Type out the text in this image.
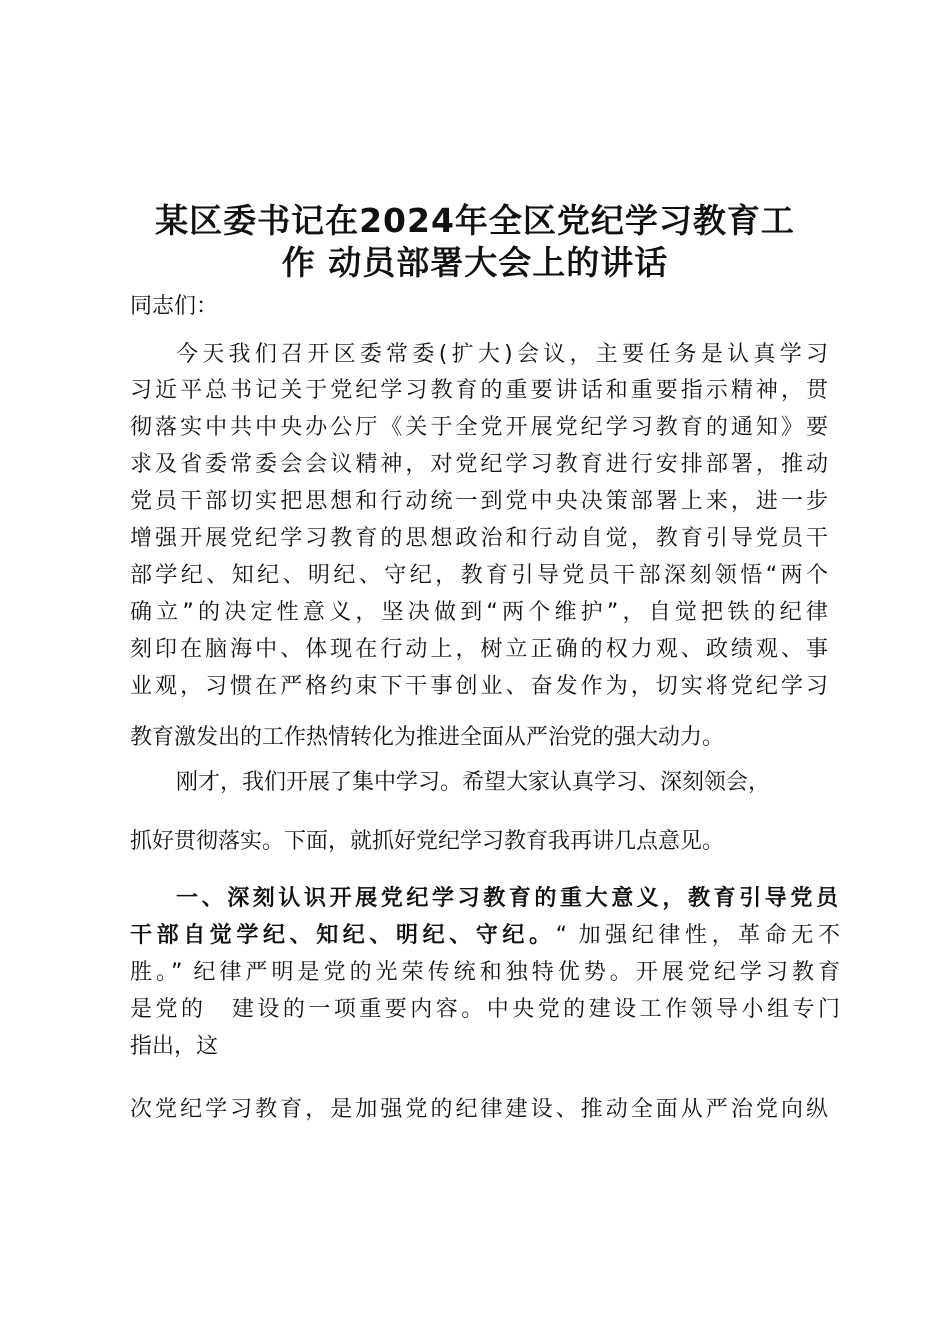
某区委书记在2024年全区党纪学习教育工
作 动员部署大会上的讲话

同志们：

今天我们召开区委常委(扩大)会议，主要任务是认真学习

习近平总书记关于党纪学习教育的重要讲话和重要指示精神，贯

彻落实中共中央办公厅《关于全党开展党纪学习教育的通知》要

求及省委常委会会议精神，对党纪学习教育进行安排部署，推动

党员干部切实把思想和行动统一到党中央决策部署上来，进一步

增强开展党纪学习教育的思想政治和行动自觉，教育引导党员干

部学纪、知纪、明纪、守纪，教育引导党员干部深刻领悟“两个

确立”的决定性意义，坚决做到“两个维护”，自觉把铁的纪律

刻印在脑海中、体现在行动上，树立正确的权力观、政绩观、事

业观，习惯在严格约束下干事创业、奋发作为，切实将党纪学习

教育激发出的工作热情转化为推进全面从严治党的强大动力。

刚才，我们开展了集中学习。希望大家认真学习、深刻领会，

抓好贯彻落实。下面，就抓好党纪学习教育我再讲几点意见。

一、深刻认识开展党纪学习教育的重大意义，教育引导党员

干部自觉学纪、知纪、明纪、守纪。“ 加强纪律性，革命无不

胜。” 纪律严明是党的光荣传统和独特优势。开展党纪学习教育

是党的　建设的一项重要内容。中央党的建设工作领导小组专门

指出，这

次党纪学习教育，是加强党的纪律建设、推动全面从严治党向纵
